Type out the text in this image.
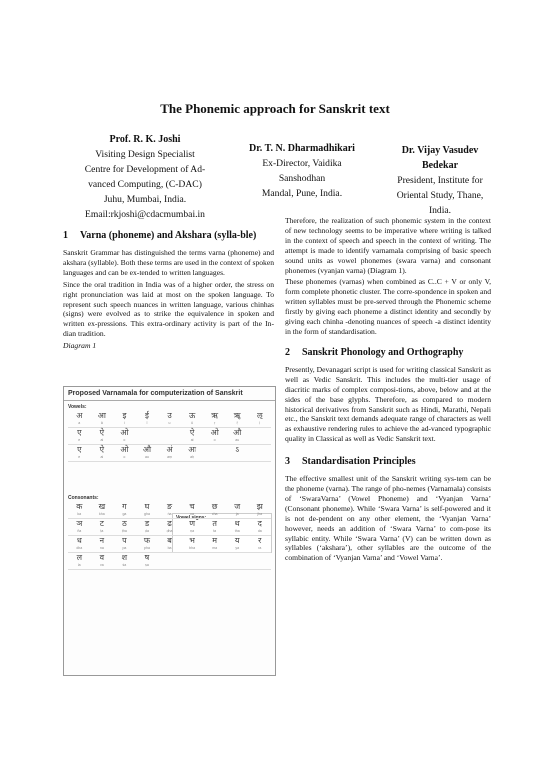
The Phonemic approach for Sanskrit text
Prof. R. K. Joshi
Visiting Design Specialist
Centre for Development of Ad-
vanced Computing, (C-DAC)
Juhu, Mumbai, India.
Email:rkjoshi@cdacmumbai.in
Dr. T. N. Dharmadhikari
Ex-Director, Vaidika
Sanshodhan
Mandal, Pune, India.
Dr. Vijay Vasudev
Bedekar
President, Institute for
Oriental Study, Thane,
India.
1 Varna (phoneme) and Akshara (sylla-ble)

Sanskrit Grammar has distinguished the terms varna (phoneme) and akshara (syllable). Both these terms are used in the context of spoken languages and can be ex-tended to written languages.

Since the oral tradition in India was of a higher order, the stress on right pronunciation was laid at most on the spoken language. To represent such speech nuances in written language, various chinhas (signs) were evolved as to strike the equivalence in spoken and written ex-pressions. This extra-ordinary activity is part of the In-dian tradition.

Diagram 1
Proposed Varnamala for computerization of Sanskrit
Vowels:
अ
a
आ
ā
इ
i
ई
ī
उ
u
ऊ
ū
ऋ
ṛ
ॠ
ṝ
ऌ
ḷ
ए
e
ऐ
ai
ओ
o
ऐ
ai
ओ
o
औ
au
ए
e
ऐ
ai
ओ
o
औ
au
अं
aṃ
अः
aḥ
ऽ
Vowel signs:
Consonants:
क
ka
ख
kha
ग
ga
घ
gha
ङ
ṅa
च
ca
छ
cha
ज
ja
झ
jha
ञ
ña
ट
ṭa
ठ
ṭha
ड
ḍa
ढ
ḍha
ण
ṇa
त
ta
थ
tha
द
da
ध
dha
न
na
प
pa
फ
pha
ब
ba
भ
bha
म
ma
य
ya
र
ra
ल
la
व
va
श
śa
ष
ṣa

Therefore, the realization of such phonemic system in the context of new technology seems to be imperative where writing is talked in the context of speech and speech in the context of writing. The attempt is made to identify varnamala comprising of basic speech sound units as vowel phonemes (swara varna) and consonant phonemes (vyanjan varna) (Diagram 1).

These phonemes (varnas) when combined as C..C + V or only V, form complete phonetic cluster. The corre-spondence in spoken and written syllables must be pre-served through the Phonemic scheme firstly by giving each phoneme a distinct identity and secondly by giving each chinha -denoting nuances of speech -a distinct identity in the form of standardisation.

2 Sanskrit Phonology and Orthography

Presently, Devanagari script is used for writing classical Sanskrit as well as Vedic Sanskrit. This includes the multi-tier usage of diacritic marks of complex composi-tions, above, below and at the sides of the base glyphs. Therefore, as compared to modern historical derivatives from Sanskrit such as Hindi, Marathi, Nepali etc., the Sanskrit text demands adequate range of characters as well as exhaustive rendering rules to achieve the ad-vanced typographic quality in Classical as well as Vedic Sanskrit text.

3 Standardisation Principles

The effective smallest unit of the Sanskrit writing sys-tem can be the phoneme (varna). The range of pho-nemes (Varnamala) consists of ‘SwaraVarna’ (Vowel Phoneme) and ‘Vyanjan Varna’ (Consonant phoneme). While ‘Swara Varna’ is self-powered and it is not de-pendent on any other element, the ‘Vyanjan Varna’ however, needs an addition of ‘Swara Varna’ to com-pose its syllabic entity. While ‘Swara Varna’ (V) can be written down as syllables (‘akshara’), other syllables are the outcome of the combination of ‘Vyanjan Varna’ and ‘Vowel Varna’.
